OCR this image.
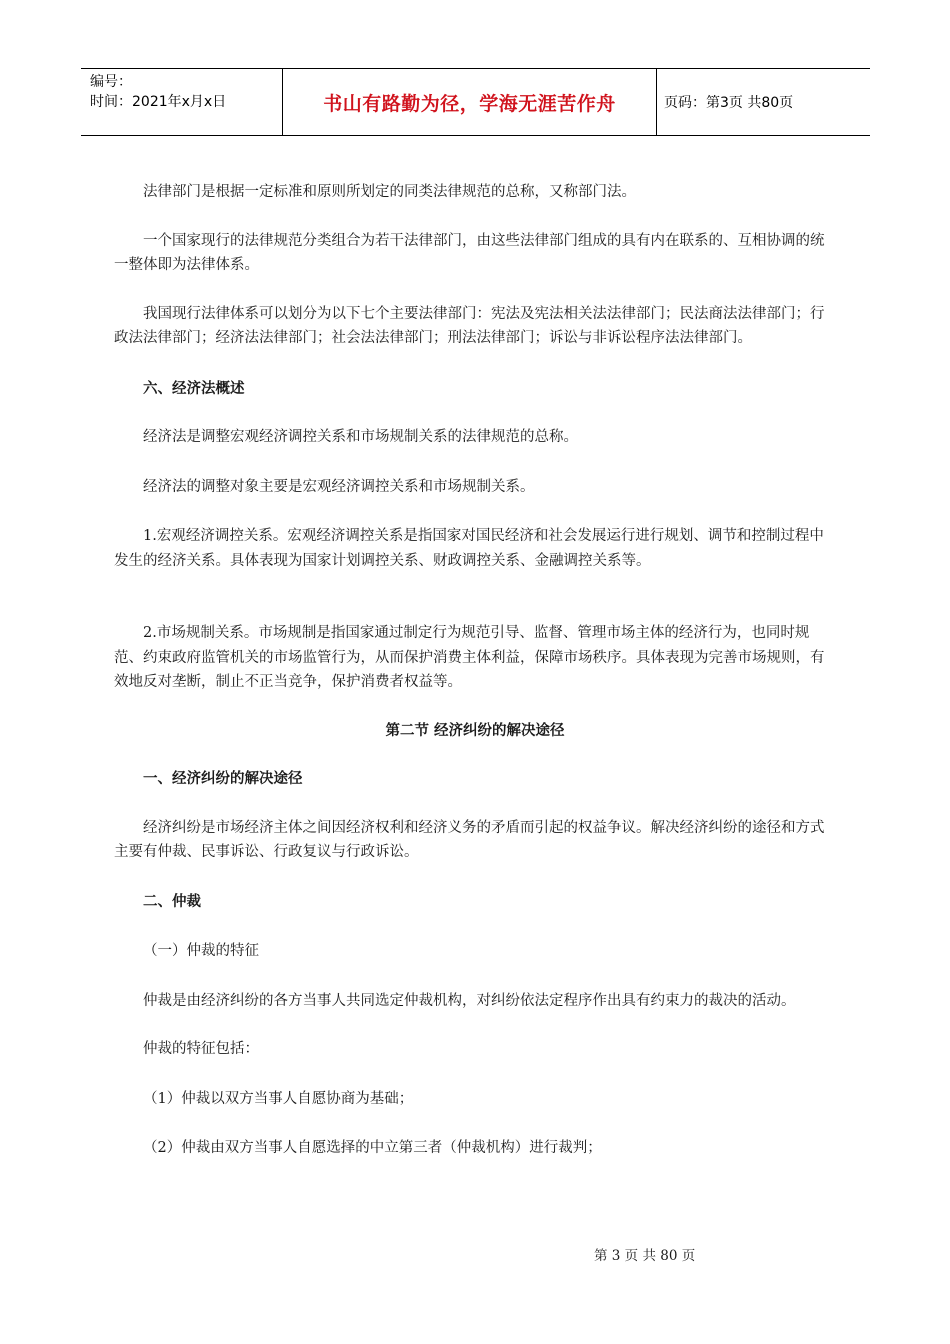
编号：
时间：2021年x月x日	书山有路勤为径，学海无涯苦作舟	页码：第3页 共80页

法律部门是根据一定标准和原则所划定的同类法律规范的总称，又称部门法。

一个国家现行的法律规范分类组合为若干法律部门，由这些法律部门组成的具有内在联系的、互相协调的统一整体即为法律体系。

我国现行法律体系可以划分为以下七个主要法律部门：宪法及宪法相关法法律部门；民法商法法律部门；行政法法律部门；经济法法律部门；社会法法律部门；刑法法律部门；诉讼与非诉讼程序法法律部门。

六、经济法概述

经济法是调整宏观经济调控关系和市场规制关系的法律规范的总称。

经济法的调整对象主要是宏观经济调控关系和市场规制关系。

1.宏观经济调控关系。宏观经济调控关系是指国家对国民经济和社会发展运行进行规划、调节和控制过程中发生的经济关系。具体表现为国家计划调控关系、财政调控关系、金融调控关系等。

2.市场规制关系。市场规制是指国家通过制定行为规范引导、监督、管理市场主体的经济行为，也同时规范、约束政府监管机关的市场监管行为，从而保护消费主体利益，保障市场秩序。具体表现为完善市场规则，有效地反对垄断，制止不正当竞争，保护消费者权益等。

第二节 经济纠纷的解决途径

一、经济纠纷的解决途径

经济纠纷是市场经济主体之间因经济权利和经济义务的矛盾而引起的权益争议。解决经济纠纷的途径和方式主要有仲裁、民事诉讼、行政复议与行政诉讼。

二、仲裁

（一）仲裁的特征

仲裁是由经济纠纷的各方当事人共同选定仲裁机构，对纠纷依法定程序作出具有约束力的裁决的活动。

仲裁的特征包括：

（1）仲裁以双方当事人自愿协商为基础；

（2）仲裁由双方当事人自愿选择的中立第三者（仲裁机构）进行裁判；

第 3 页 共 80 页
